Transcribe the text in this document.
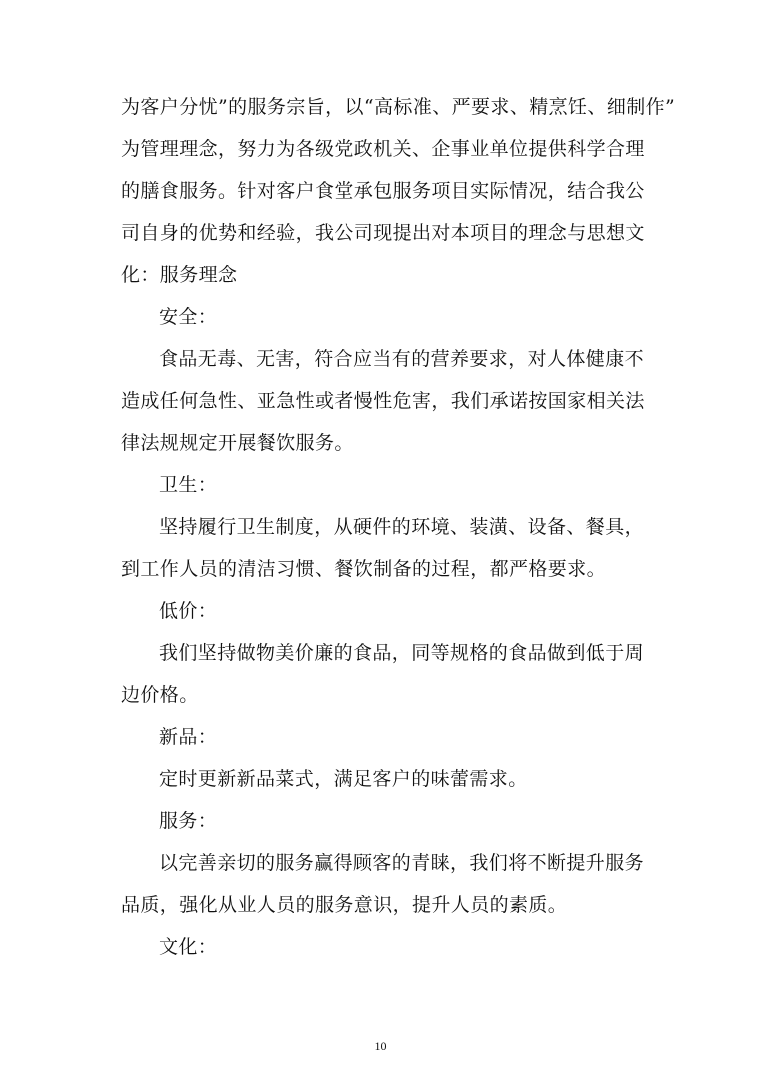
为客户分忧”的服务宗旨，以“高标准、严要求、精烹饪、细制作”
为管理理念，努力为各级党政机关、企事业单位提供科学合理
的膳食服务。针对客户食堂承包服务项目实际情况，结合我公
司自身的优势和经验，我公司现提出对本项目的理念与思想文
化：服务理念
安全：
食品无毒、无害，符合应当有的营养要求，对人体健康不
造成任何急性、亚急性或者慢性危害，我们承诺按国家相关法
律法规规定开展餐饮服务。
卫生：
坚持履行卫生制度，从硬件的环境、装潢、设备、餐具，
到工作人员的清洁习惯、餐饮制备的过程，都严格要求。
低价：
我们坚持做物美价廉的食品，同等规格的食品做到低于周
边价格。
新品：
定时更新新品菜式，满足客户的味蕾需求。
服务：
以完善亲切的服务赢得顾客的青睐，我们将不断提升服务
品质，强化从业人员的服务意识，提升人员的素质。
文化：
10
